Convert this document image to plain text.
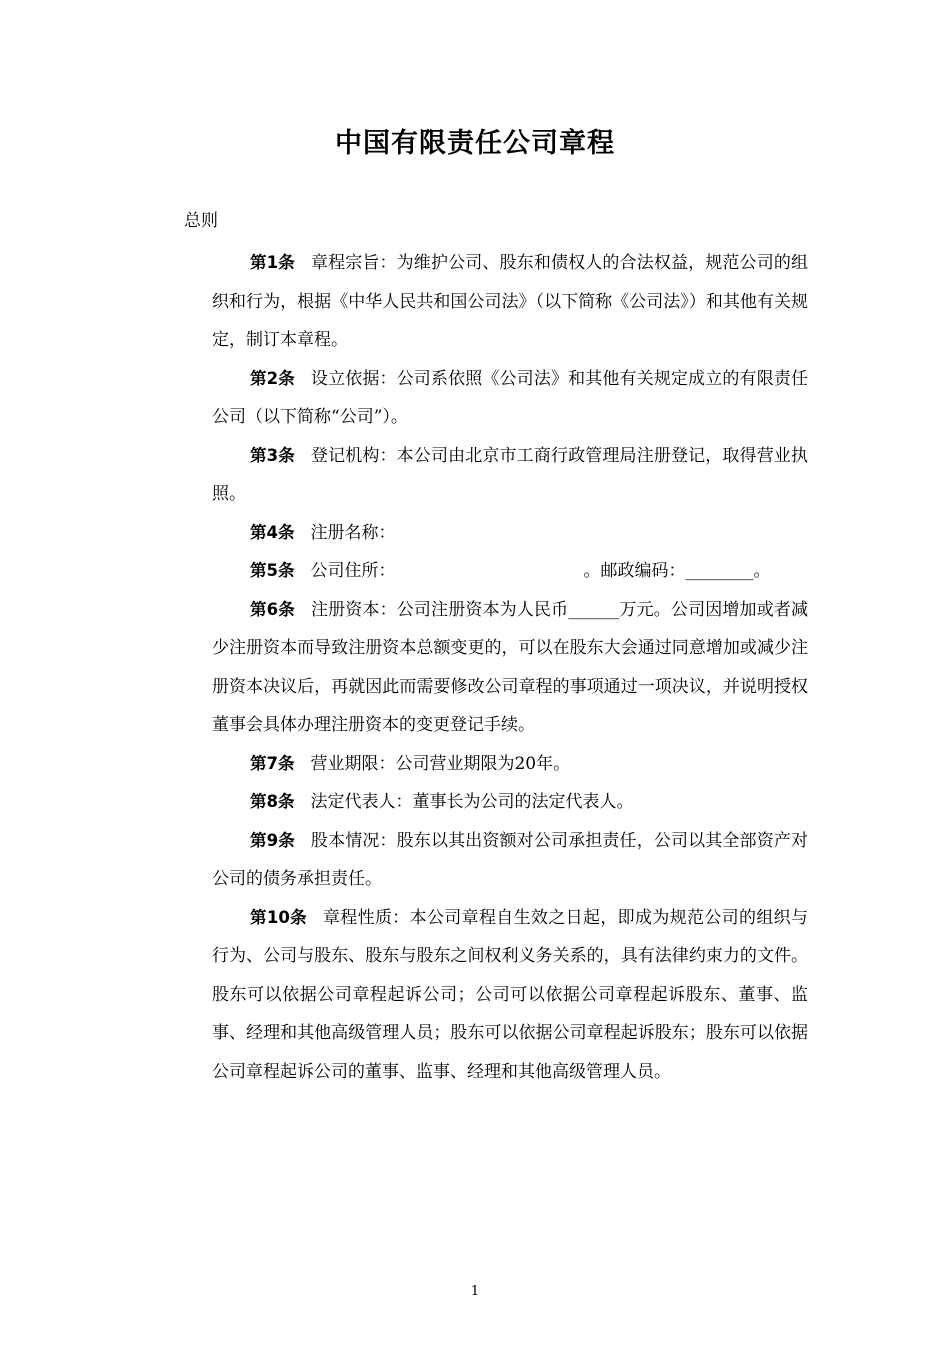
中国有限责任公司章程
总则

第1条 章程宗旨：为维护公司、股东和债权人的合法权益，规范公司的组织和行为，根据《中华人民共和国公司法》（以下简称《公司法》）和其他有关规定，制订本章程。

第2条 设立依据：公司系依照《公司法》和其他有关规定成立的有限责任公司（以下简称“公司”）。

第3条 登记机构：本公司由北京市工商行政管理局注册登记，取得营业执照。

第4条 注册名称：

第5条 公司住所：	。邮政编码：________。

第6条 注册资本：公司注册资本为人民币______万元。公司因增加或者减少注册资本而导致注册资本总额变更的，可以在股东大会通过同意增加或减少注册资本决议后，再就因此而需要修改公司章程的事项通过一项决议，并说明授权董事会具体办理注册资本的变更登记手续。

第7条 营业期限：公司营业期限为20年。

第8条 法定代表人：董事长为公司的法定代表人。

第9条 股本情况：股东以其出资额对公司承担责任，公司以其全部资产对公司的债务承担责任。

第10条 章程性质：本公司章程自生效之日起，即成为规范公司的组织与行为、公司与股东、股东与股东之间权利义务关系的，具有法律约束力的文件。股东可以依据公司章程起诉公司；公司可以依据公司章程起诉股东、董事、监事、经理和其他高级管理人员；股东可以依据公司章程起诉股东；股东可以依据公司章程起诉公司的董事、监事、经理和其他高级管理人员。

1
